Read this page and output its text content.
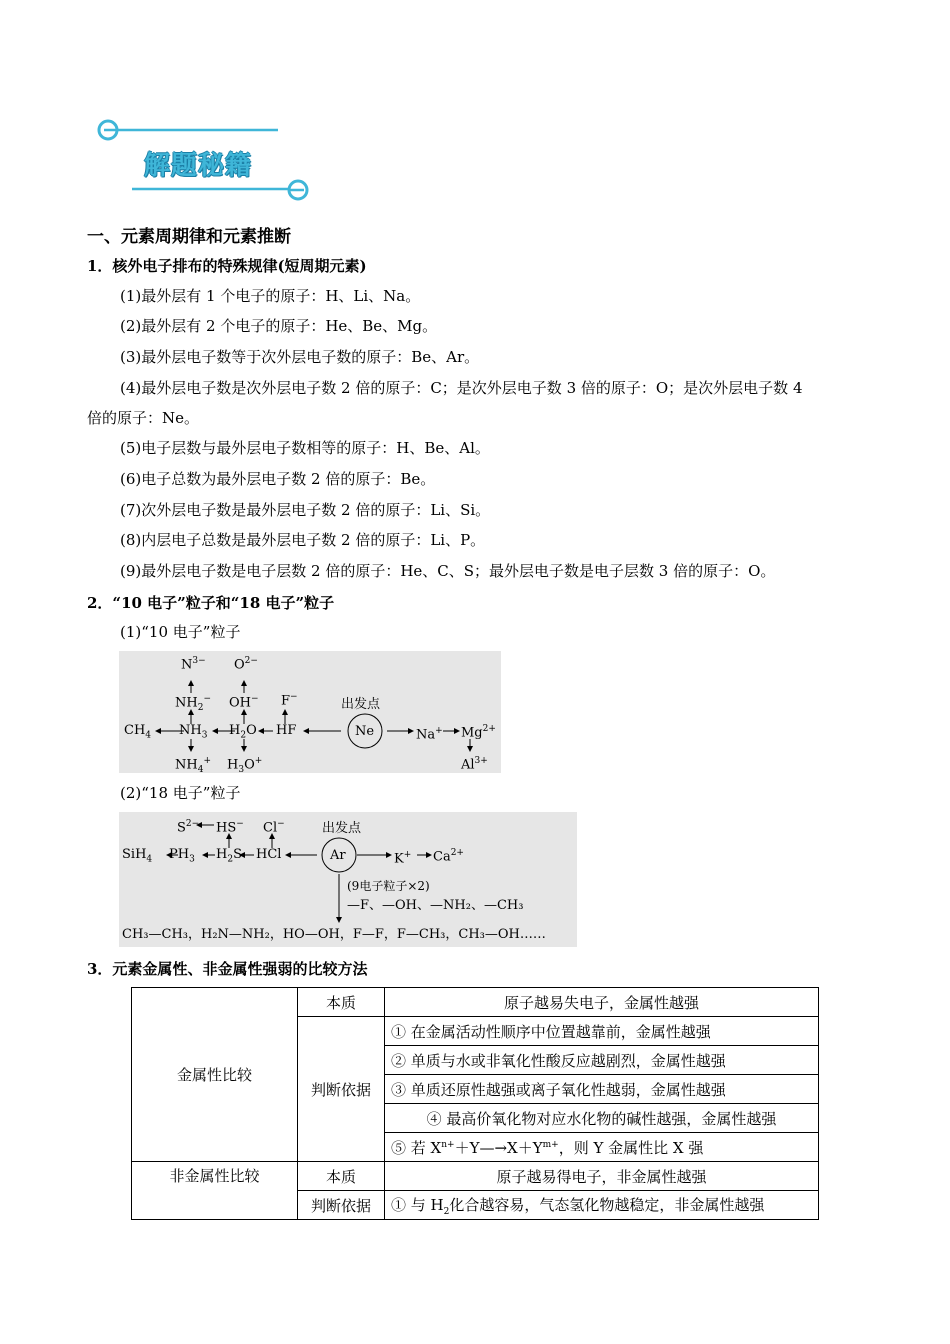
解题秘籍
一、元素周期律和元素推断
1．核外电子排布的特殊规律(短周期元素)
(1)最外层有 1 个电子的原子：H、Li、Na。
(2)最外层有 2 个电子的原子：He、Be、Mg。
(3)最外层电子数等于次外层电子数的原子：Be、Ar。
(4)最外层电子数是次外层电子数 2 倍的原子：C；是次外层电子数 3 倍的原子：O；是次外层电子数 4
倍的原子：Ne。
(5)电子层数与最外层电子数相等的原子：H、Be、Al。
(6)电子总数为最外层电子数 2 倍的原子：Be。
(7)次外层电子数是最外层电子数 2 倍的原子：Li、Si。
(8)内层电子总数是最外层电子数 2 倍的原子：Li、P。
(9)最外层电子数是电子层数 2 倍的原子：He、C、S；最外层电子数是电子层数 3 倍的原子：O。
2．“10 电子”粒子和“18 电子”粒子
(1)“10 电子”粒子
出发点
Ne
$N^{3-}$ $O^{2-}$
$NH_2^-$ OH− F−
$CH_4$ $NH_3$ $H_2O$ HF	Na+ $Mg^{2+}$
$NH_4^+$ $H_3O^+$	$Al^{3+}$
(2)“18 电子”粒子
出发点
Ar
$S^{2-}$ HS− Cl−
SiH$_4$ $PH_3$ $H_2S$ HCl	K+ $Ca^{2+}$
(9电子粒子×2)
—F、—OH、—NH₂、—CH₃
CH₃—CH₃，H₂N—NH₂，HO—OH，F—F，F—CH₃，CH₃—OH……
3．元素金属性、非金属性强弱的比较方法
金属性比较	本质	原子越易失电子，金属性越强
	判断依据	① 在金属活动性顺序中位置越靠前，金属性越强
		② 单质与水或非氧化性酸反应越剧烈，金属性越强
		③ 单质还原性越强或离子氧化性越弱，金属性越强
		④ 最高价氧化物对应水化物的碱性越强，金属性越强
		⑤ 若 $X^{n+}+Y—\to X+Y^{m+}$，则 Y 金属性比 X 强
非金属性比较	本质	原子越易得电子，非金属性越强
	判断依据	① 与 $H_2$化合越容易，气态氢化物越稳定，非金属性越强
